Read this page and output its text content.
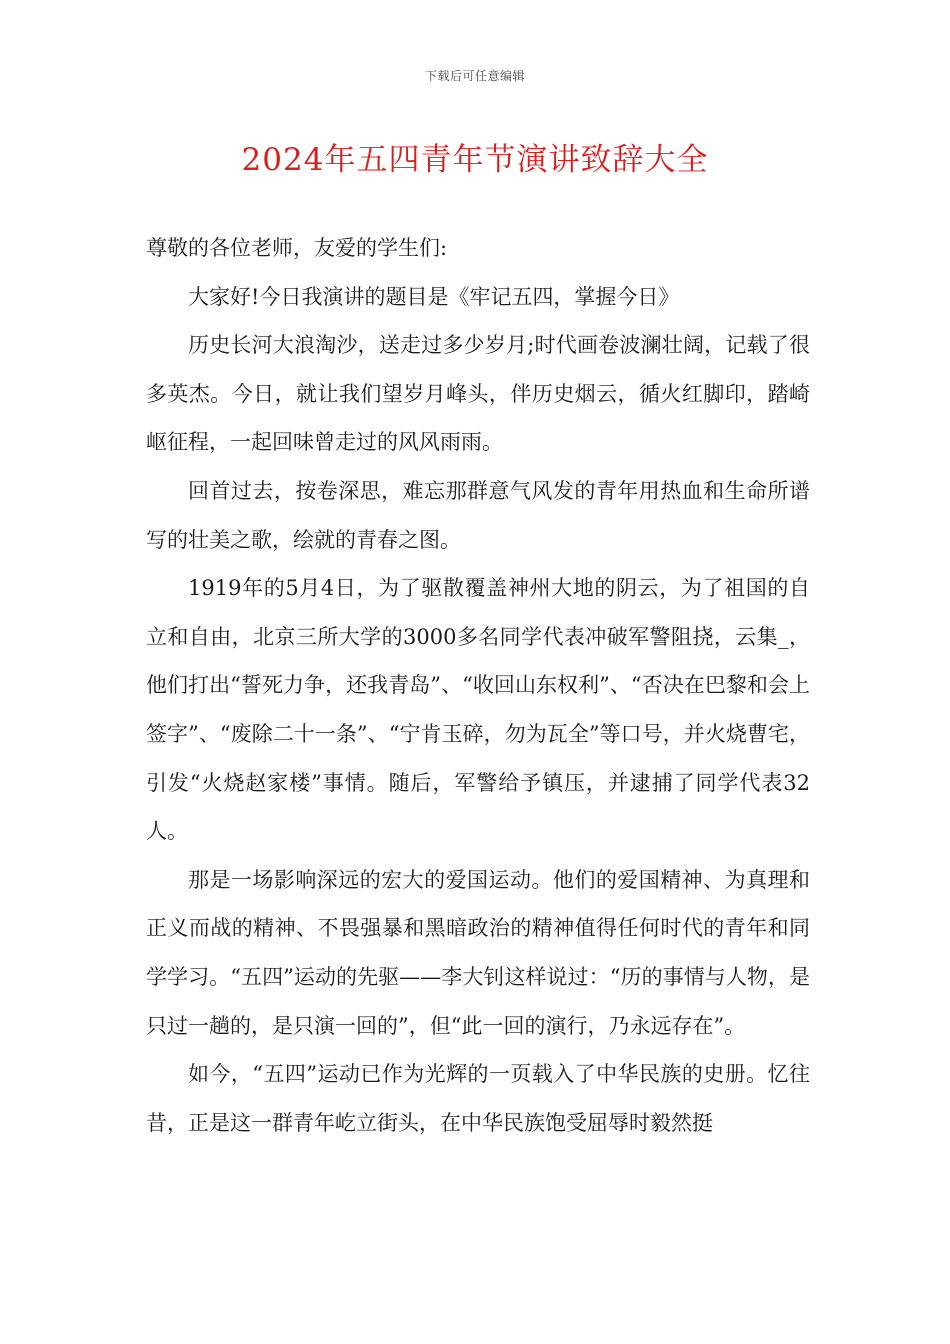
下载后可任意编辑
2024年五四青年节演讲致辞大全

尊敬的各位老师，友爱的学生们:

大家好!今日我演讲的题目是《牢记五四，掌握今日》

历史长河大浪淘沙，送走过多少岁月;时代画卷波澜壮阔，记载了很多英杰。今日，就让我们望岁月峰头，伴历史烟云，循火红脚印，踏崎岖征程，一起回味曾走过的风风雨雨。

回首过去，按卷深思，难忘那群意气风发的青年用热血和生命所谱写的壮美之歌，绘就的青春之图。

1919年的5月4日，为了驱散覆盖神州大地的阴云，为了祖国的自立和自由，北京三所大学的3000多名同学代表冲破军警阻挠，云集_，他们打出“誓死力争，还我青岛”、“收回山东权利”、“否决在巴黎和会上签字”、“废除二十一条”、“宁肯玉碎，勿为瓦全”等口号，并火烧曹宅，引发“火烧赵家楼”事情。随后，军警给予镇压，并逮捕了同学代表32人。

那是一场影响深远的宏大的爱国运动。他们的爱国精神、为真理和正义而战的精神、不畏强暴和黑暗政治的精神值得任何时代的青年和同学学习。“五四”运动的先驱——李大钊这样说过：“历的事情与人物，是只过一趟的，是只演一回的”，但“此一回的演行，乃永远存在”。

如今，“五四”运动已作为光辉的一页载入了中华民族的史册。忆往昔，正是这一群青年屹立街头，在中华民族饱受屈辱时毅然挺
